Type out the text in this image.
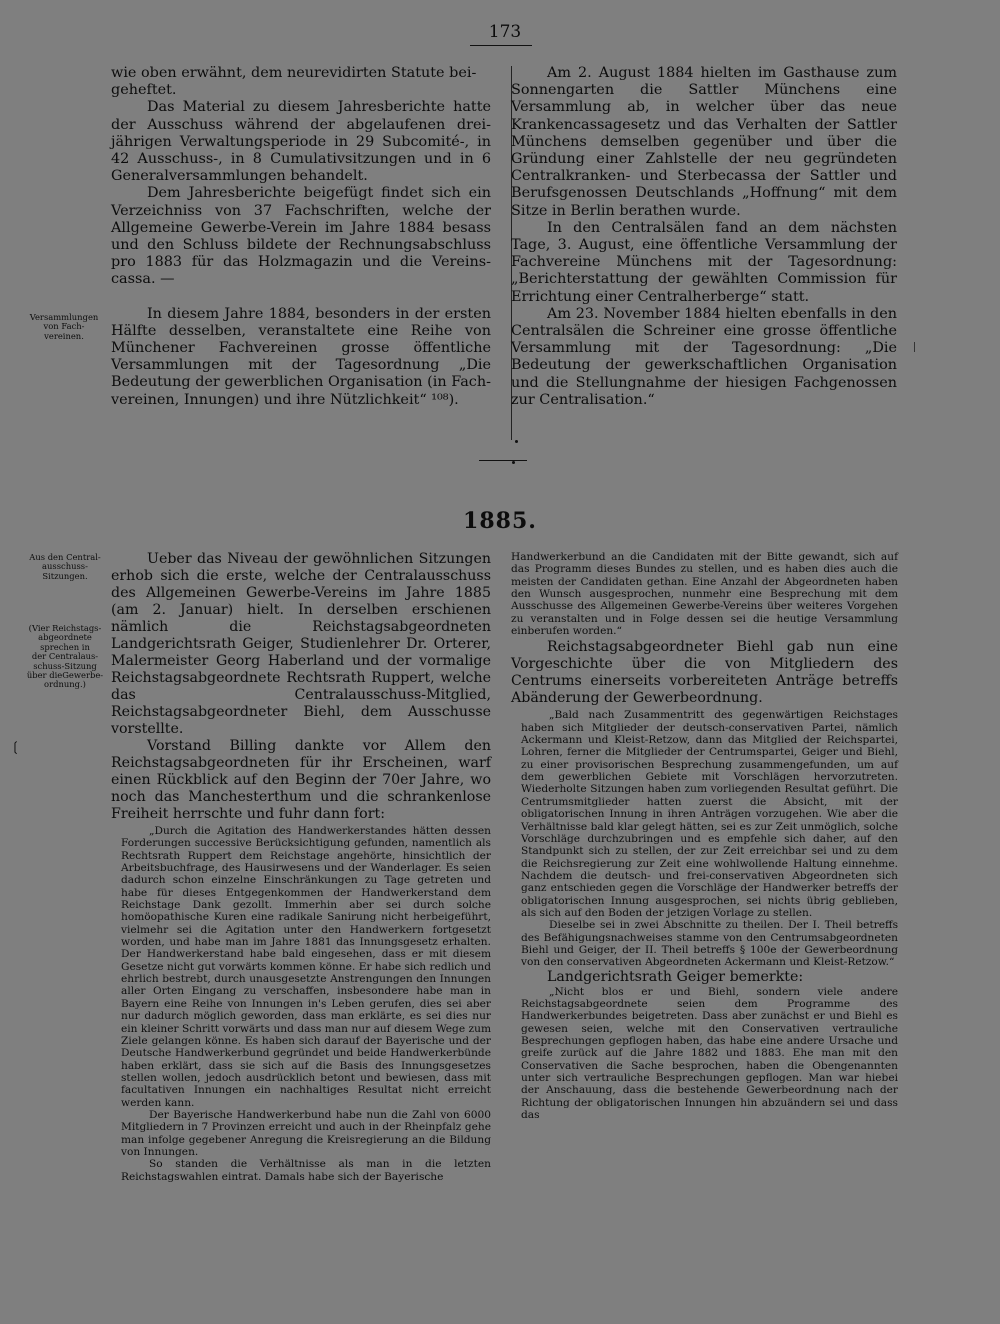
173

wie oben erwähnt, dem neurevidirten Statute bei-
geheftet.

Das Material zu diesem Jahresberichte hatte der Ausschuss während der abgelaufenen drei-jährigen Verwaltungsperiode in 29 Subcomité-, in 42 Ausschuss-, in 8 Cumulativsitzungen und in 6 Generalversammlungen behandelt.

Dem Jahresberichte beigefügt findet sich ein Verzeichniss von 37 Fachschriften, welche der Allgemeine Gewerbe-Verein im Jahre 1884 besass und den Schluss bildete der Rechnungsabschluss pro 1883 für das Holzmagazin und die Vereins-cassa. —

In diesem Jahre 1884, besonders in der ersten Hälfte desselben, veranstaltete eine Reihe von Münchener Fachvereinen grosse öffentliche Versammlungen mit der Tagesordnung „Die Bedeutung der gewerblichen Organisation (in Fach-vereinen, Innungen) und ihre Nützlichkeit“ ¹⁰⁸).

Versammlungen
von Fach-
vereinen.

Am 2. August 1884 hielten im Gasthause zum Sonnengarten die Sattler Münchens eine Versammlung ab, in welcher über das neue Krankencassagesetz und das Verhalten der Sattler Münchens demselben gegenüber und über die Gründung einer Zahlstelle der neu gegründeten Centralkranken- und Sterbecassa der Sattler und Berufsgenossen Deutschlands „Hoffnung“ mit dem Sitze in Berlin berathen wurde.

In den Centralsälen fand an dem nächsten Tage, 3. August, eine öffentliche Versammlung der Fachvereine Münchens mit der Tagesordnung: „Berichterstattung der gewählten Commission für Errichtung einer Centralherberge“ statt.

Am 23. November 1884 hielten ebenfalls in den Centralsälen die Schreiner eine grosse öffentliche Versammlung mit der Tagesordnung: „Die Bedeutung der gewerkschaftlichen Organisation und die Stellungnahme der hiesigen Fachgenossen zur Centralisation.“

1885.
Aus den Central-
ausschuss-
Sitzungen.
(Vier Reichstags-
abgeordnete
sprechen in
der Centralaus-
schuss-Sitzung
über dieGewerbe-
ordnung.)
❲

Ueber das Niveau der gewöhnlichen Sitzungen erhob sich die erste, welche der Centralausschuss des Allgemeinen Gewerbe-Vereins im Jahre 1885 (am 2. Januar) hielt. In derselben erschienen nämlich die Reichstagsabgeordneten Landgerichtsrath Geiger, Studienlehrer Dr. Orterer, Malermeister Georg Haberland und der vormalige Reichstagsabgeordnete Rechtsrath Ruppert, welche das Centralausschuss-Mitglied, Reichstagsabgeordneter Biehl, dem Ausschusse vorstellte.

Vorstand Billing dankte vor Allem den Reichstagsabgeordneten für ihr Erscheinen, warf einen Rückblick auf den Beginn der 70er Jahre, wo noch das Manchesterthum und die schrankenlose Freiheit herrschte und fuhr dann fort:

„Durch die Agitation des Handwerkerstandes hätten dessen Forderungen successive Berücksichtigung gefunden, namentlich als Rechtsrath Ruppert dem Reichstage angehörte, hinsichtlich der Arbeitsbuchfrage, des Hausirwesens und der Wanderlager. Es seien dadurch schon einzelne Einschränkungen zu Tage getreten und habe für dieses Entgegenkommen der Handwerkerstand dem Reichstage Dank gezollt. Immerhin aber sei durch solche homöopathische Kuren eine radikale Sanirung nicht herbeigeführt, vielmehr sei die Agitation unter den Handwerkern fortgesetzt worden, und habe man im Jahre 1881 das Innungsgesetz erhalten. Der Handwerkerstand habe bald eingesehen, dass er mit diesem Gesetze nicht gut vorwärts kommen könne. Er habe sich redlich und ehrlich bestrebt, durch unausgesetzte Anstrengungen den Innungen aller Orten Eingang zu verschaffen, insbesondere habe man in Bayern eine Reihe von Innungen in's Leben gerufen, dies sei aber nur dadurch möglich geworden, dass man erklärte, es sei dies nur ein kleiner Schritt vorwärts und dass man nur auf diesem Wege zum Ziele gelangen könne. Es haben sich darauf der Bayerische und der Deutsche Handwerkerbund gegründet und beide Handwerkerbünde haben erklärt, dass sie sich auf die Basis des Innungsgesetzes stellen wollen, jedoch ausdrücklich betont und bewiesen, dass mit facultativen Innungen ein nachhaltiges Resultat nicht erreicht werden kann.

Der Bayerische Handwerkerbund habe nun die Zahl von 6000 Mitgliedern in 7 Provinzen erreicht und auch in der Rheinpfalz gehe man infolge gegebener Anregung die Kreisregierung an die Bildung von Innungen.

So standen die Verhältnisse als man in die letzten Reichstagswahlen eintrat. Damals habe sich der Bayerische

Handwerkerbund an die Candidaten mit der Bitte gewandt, sich auf das Programm dieses Bundes zu stellen, und es haben dies auch die meisten der Candidaten gethan. Eine Anzahl der Abgeordneten haben den Wunsch ausgesprochen, nunmehr eine Besprechung mit dem Ausschusse des Allgemeinen Gewerbe-Vereins über weiteres Vorgehen zu veranstalten und in Folge dessen sei die heutige Versammlung einberufen worden.“

Reichstagsabgeordneter Biehl gab nun eine Vorgeschichte über die von Mitgliedern des Centrums einerseits vorbereiteten Anträge betreffs Abänderung der Gewerbeordnung.

„Bald nach Zusammentritt des gegenwärtigen Reichstages haben sich Mitglieder der deutsch-conservativen Partei, nämlich Ackermann und Kleist-Retzow, dann das Mitglied der Reichspartei, Lohren, ferner die Mitglieder der Centrumspartei, Geiger und Biehl, zu einer provisorischen Besprechung zusammengefunden, um auf dem gewerblichen Gebiete mit Vorschlägen hervorzutreten. Wiederholte Sitzungen haben zum vorliegenden Resultat geführt. Die Centrumsmitglieder hatten zuerst die Absicht, mit der obligatorischen Innung in ihren Anträgen vorzugehen. Wie aber die Verhältnisse bald klar gelegt hätten, sei es zur Zeit unmöglich, solche Vorschläge durchzubringen und es empfehle sich daher, auf den Standpunkt sich zu stellen, der zur Zeit erreichbar sei und zu dem die Reichsregierung zur Zeit eine wohlwollende Haltung einnehme. Nachdem die deutsch- und frei-conservativen Abgeordneten sich ganz entschieden gegen die Vorschläge der Handwerker betreffs der obligatorischen Innung ausgesprochen, sei nichts übrig geblieben, als sich auf den Boden der jetzigen Vorlage zu stellen.

Dieselbe sei in zwei Abschnitte zu theilen. Der I. Theil betreffs des Befähigungsnachweises stamme von den Centrumsabgeordneten Biehl und Geiger, der II. Theil betreffs § 100e der Gewerbeordnung von den conservativen Abgeordneten Ackermann und Kleist-Retzow.“

Landgerichtsrath Geiger bemerkte:

„Nicht blos er und Biehl, sondern viele andere Reichstagsabgeordnete seien dem Programme des Handwerkerbundes beigetreten. Dass aber zunächst er und Biehl es gewesen seien, welche mit den Conservativen vertrauliche Besprechungen gepflogen haben, das habe eine andere Ursache und greife zurück auf die Jahre 1882 und 1883. Ehe man mit den Conservativen die Sache besprochen, haben die Obengenannten unter sich vertrauliche Besprechungen gepflogen. Man war hiebei der Anschauung, dass die bestehende Gewerbeordnung nach der Richtung der obligatorischen Innungen hin abzuändern sei und dass das
